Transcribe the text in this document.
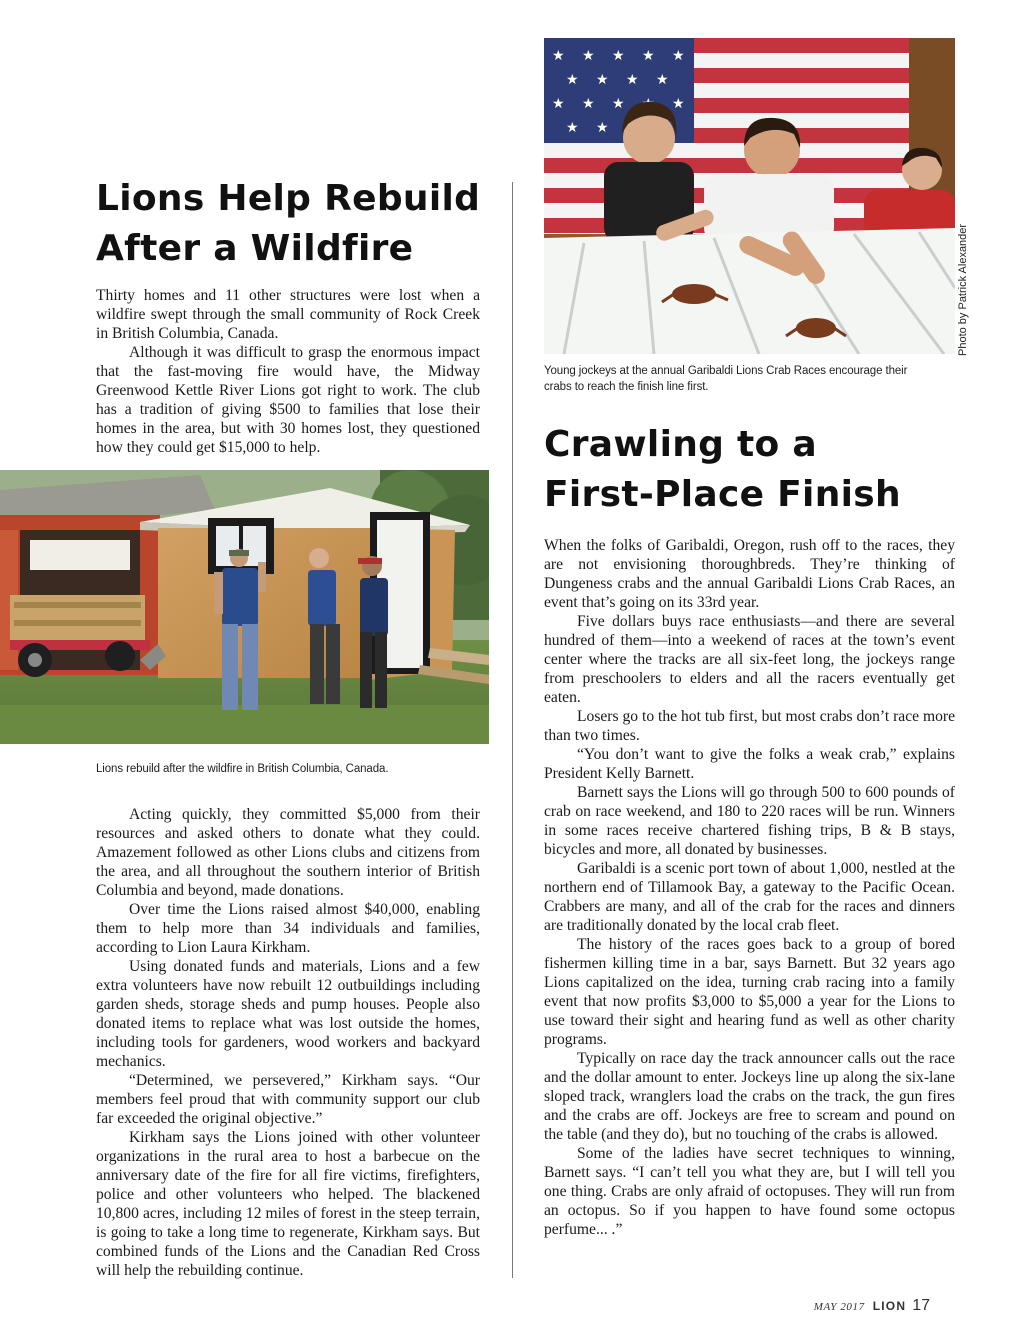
Lions Help Rebuild
After a Wildfire

Thirty homes and 11 other structures were lost when a wildfire swept through the small community of Rock Creek in British Columbia, Canada.

Although it was difficult to grasp the enormous impact that the fast-moving fire would have, the Midway Greenwood Kettle River Lions got right to work. The club has a tradition of giving $500 to families that lose their homes in the area, but with 30 homes lost, they questioned how they could get $15,000 to help.

Lions rebuild after the wildfire in British Columbia, Canada.

Acting quickly, they committed $5,000 from their resources and asked others to donate what they could. Amazement followed as other Lions clubs and citizens from the area, and all throughout the southern interior of British Columbia and beyond, made donations.

Over time the Lions raised almost $40,000, enabling them to help more than 34 individuals and families, according to Lion Laura Kirkham.

Using donated funds and materials, Lions and a few extra volunteers have now rebuilt 12 outbuildings including garden sheds, storage sheds and pump houses. People also donated items to replace what was lost outside the homes, including tools for gardeners, wood workers and backyard mechanics.

“Determined, we persevered,” Kirkham says. “Our members feel proud that with community support our club far exceeded the original objective.”

Kirkham says the Lions joined with other volunteer organizations in the rural area to host a barbecue on the anniversary date of the fire for all fire victims, firefighters, police and other volunteers who helped. The blackened 10,800 acres, including 12 miles of forest in the steep terrain, is going to take a long time to regenerate, Kirkham says. But combined funds of the Lions and the Canadian Red Cross will help the rebuilding continue.

★ ★ ★ ★ ★
★ ★ ★ ★
★ ★ ★	★
★ ★
Photo by Patrick Alexander
Young jockeys at the annual Garibaldi Lions Crab Races encourage their crabs to reach the finish line first.
Crawling to a
First-Place Finish

When the folks of Garibaldi, Oregon, rush off to the races, they are not envisioning thoroughbreds. They’re thinking of Dungeness crabs and the annual Garibaldi Lions Crab Races, an event that’s going on its 33rd year.

Five dollars buys race enthusiasts—and there are several hundred of them—into a weekend of races at the town’s event center where the tracks are all six-feet long, the jockeys range from preschoolers to elders and all the racers eventually get eaten.

Losers go to the hot tub first, but most crabs don’t race more than two times.

“You don’t want to give the folks a weak crab,” explains President Kelly Barnett.

Barnett says the Lions will go through 500 to 600 pounds of crab on race weekend, and 180 to 220 races will be run. Winners in some races receive chartered fishing trips, B & B stays, bicycles and more, all donated by businesses.

Garibaldi is a scenic port town of about 1,000, nestled at the northern end of Tillamook Bay, a gateway to the Pacific Ocean. Crabbers are many, and all of the crab for the races and dinners are traditionally donated by the local crab fleet.

The history of the races goes back to a group of bored fishermen killing time in a bar, says Barnett. But 32 years ago Lions capitalized on the idea, turning crab racing into a family event that now profits $3,000 to $5,000 a year for the Lions to use toward their sight and hearing fund as well as other charity programs.

Typically on race day the track announcer calls out the race and the dollar amount to enter. Jockeys line up along the six-lane sloped track, wranglers load the crabs on the track, the gun fires and the crabs are off. Jockeys are free to scream and pound on the table (and they do), but no touching of the crabs is allowed.

Some of the ladies have secret techniques to winning, Barnett says. “I can’t tell you what they are, but I will tell you one thing. Crabs are only afraid of octopuses. They will run from an octopus. So if you happen to have found some octopus perfume... .”

MAY 2017 LION 17
